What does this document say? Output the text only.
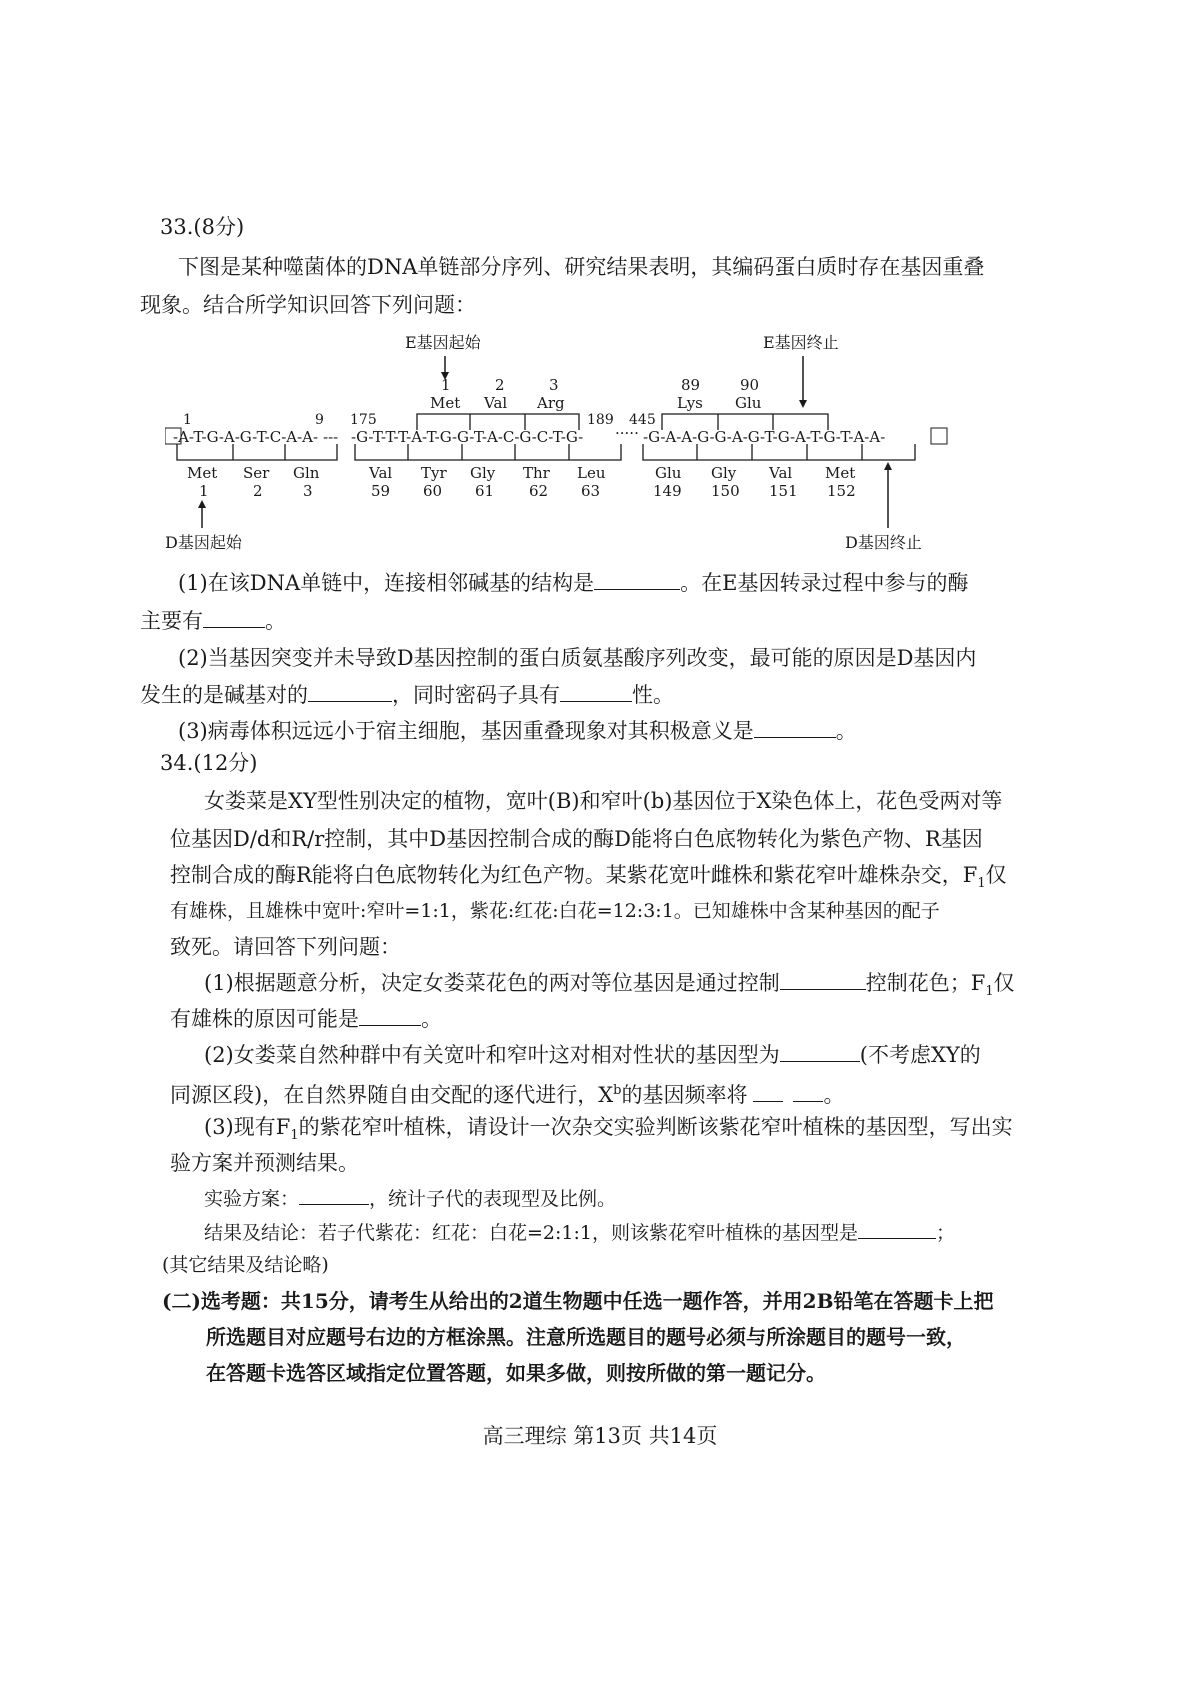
33.(8分)
下图是某种噬菌体的DNA单链部分序列、研究结果表明，其编码蛋白质时存在基因重叠
现象。结合所学知识回答下列问题：
E基因起始	E基因终止
1
Met
2
Val
3
Arg
89
Lys
90
Glu
1	9 175	189 445
-A-T-G-A-G-T-C-A-A- --- -G-T-T-T-A-T-G-G-T-A-C-G-C-T-G- ····· -G-A-A-G-G-A-G-T-G-A-T-G-T-A-A-
Met
1
Ser
2
Gln
3
Val
59
Tyr
60
Gly
61
Thr
62
Leu
63
Glu
149
Gly
150
Val
151
Met
152
D基因起始	D基因终止
(1)在该DNA单链中，连接相邻碱基的结构是	。在E基因转录过程中参与的酶
主要有	。
(2)当基因突变并未导致D基因控制的蛋白质氨基酸序列改变，最可能的原因是D基因内
发生的是碱基对的	，同时密码子具有	性。
(3)病毒体积远远小于宿主细胞，基因重叠现象对其积极意义是	。
34.(12分)
女娄菜是XY型性别决定的植物，宽叶(B)和窄叶(b)基因位于X染色体上，花色受两对等
位基因D/d和R/r控制，其中D基因控制合成的酶D能将白色底物转化为紫色产物、R基因
控制合成的酶R能将白色底物转化为红色产物。某紫花宽叶雌株和紫花窄叶雄株杂交，$F_1$仅
有雄株，且雄株中宽叶:窄叶=1:1，紫花:红花:白花=12:3:1。已知雄株中含某种基因的配子
致死。请回答下列问题：
(1)根据题意分析，决定女娄菜花色的两对等位基因是通过控制	控制花色；$F_1$仅
有雄株的原因可能是	。
(2)女娄菜自然种群中有关宽叶和窄叶这对相对性状的基因型为	(不考虑XY的
同源区段)，在自然界随自由交配的逐代进行，$X^b$的基因频率将	。
(3)现有$F_1$的紫花窄叶植株，请设计一次杂交实验判断该紫花窄叶植株的基因型，写出实
验方案并预测结果。
实验方案：	，统计子代的表现型及比例。
结果及结论：若子代紫花：红花：白花=2:1:1，则该紫花窄叶植株的基因型是	；
(其它结果及结论略)
(二)选考题：共15分，请考生从给出的2道生物题中任选一题作答，并用2B铅笔在答题卡上把
所选题目对应题号右边的方框涂黑。注意所选题目的题号必须与所涂题目的题号一致，
在答题卡选答区域指定位置答题，如果多做，则按所做的第一题记分。
高三理综 第13页 共14页
